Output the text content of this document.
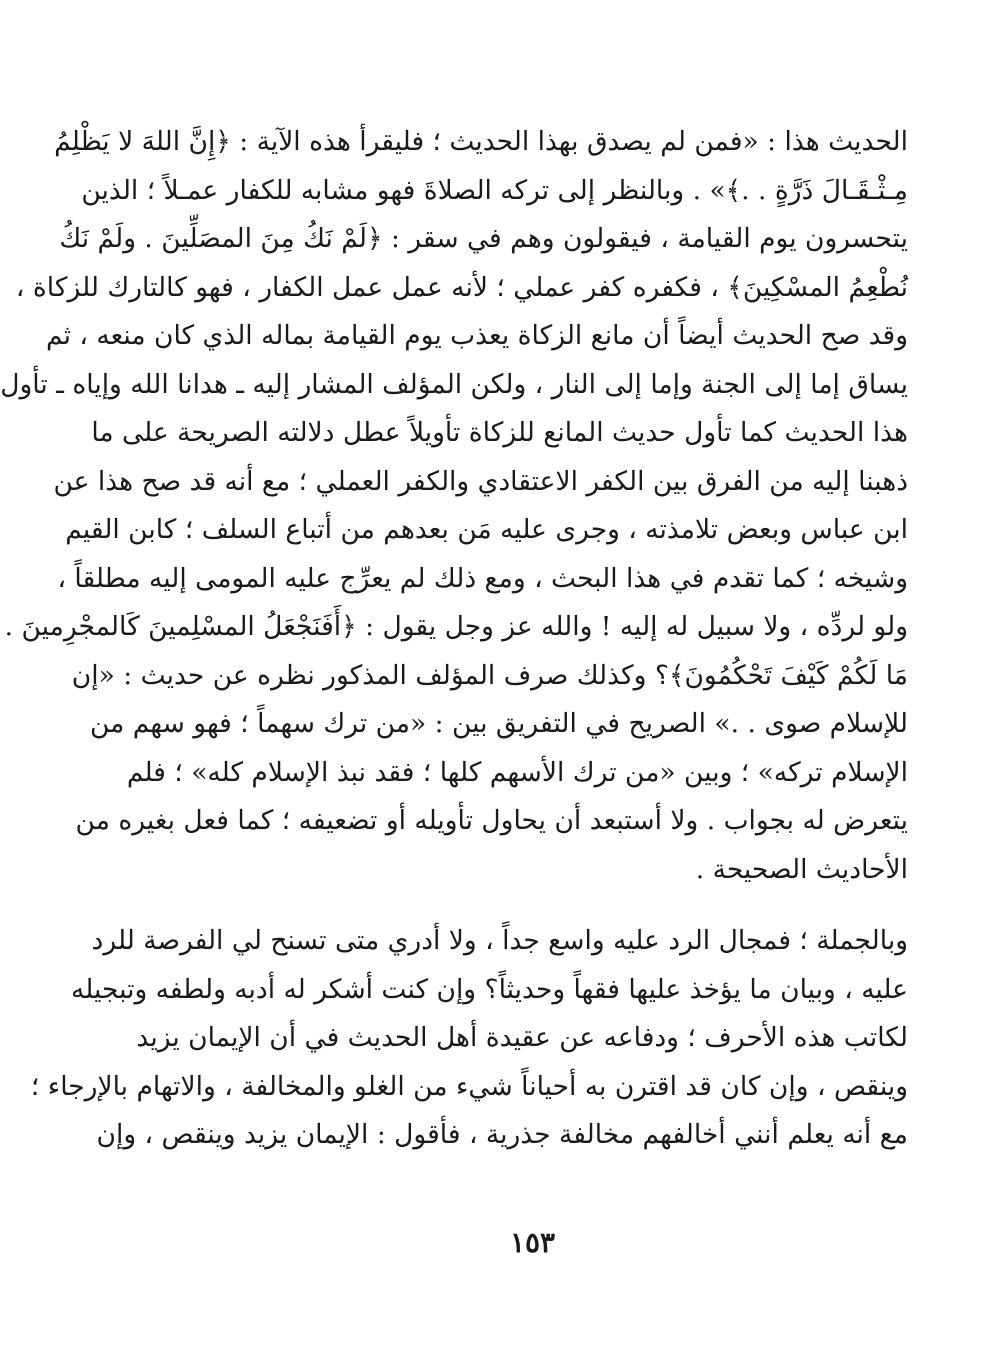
الحديث هذا : «فمن لم يصدق بهذا الحديث ؛ فليقرأ هذه الآية : ﴿إِنَّ اللهَ لا يَظْلِمُ
مِـثْـقَـالَ ذَرَّةٍ . .﴾» . وبالنظر إلى تركه الصلاةَ فهو مشابه للكفار عمـلاً ؛ الذين
يتحسرون يوم القيامة ، فيقولون وهم في سقر : ﴿لَمْ نَكُ مِنَ المصَلِّينَ . ولَمْ نَكُ
نُطْعِمُ المسْكِينَ﴾ ، فكفره كفر عملي ؛ لأنه عمل عمل الكفار ، فهو كالتارك للزكاة ،
وقد صح الحديث أيضاً أن مانع الزكاة يعذب يوم القيامة بماله الذي كان منعه ، ثم
يساق إما إلى الجنة وإما إلى النار ، ولكن المؤلف المشار إليه ـ هدانا الله وإياه ـ تأول
هذا الحديث كما تأول حديث المانع للزكاة تأويلاً عطل دلالته الصريحة على ما
ذهبنا إليه من الفرق بين الكفر الاعتقادي والكفر العملي ؛ مع أنه قد صح هذا عن
ابن عباس وبعض تلامذته ، وجرى عليه مَن بعدهم من أتباع السلف ؛ كابن القيم
وشيخه ؛ كما تقدم في هذا البحث ، ومع ذلك لم يعرِّج عليه المومى إليه مطلقاً ،
ولو لردِّه ، ولا سبيل له إليه ! والله عز وجل يقول : ﴿أَفَنَجْعَلُ المسْلِمينَ كَالمجْرِمينَ .
مَا لَكُمْ كَيْفَ تَحْكُمُونَ﴾؟ وكذلك صرف المؤلف المذكور نظره عن حديث : «إن
للإسلام صوى . .» الصريح في التفريق بين : «من ترك سهماً ؛ فهو سهم من
الإسلام تركه» ؛ وبين «من ترك الأسهم كلها ؛ فقد نبذ الإسلام كله» ؛ فلم
يتعرض له بجواب . ولا أستبعد أن يحاول تأويله أو تضعيفه ؛ كما فعل بغيره من
الأحاديث الصحيحة .
وبالجملة ؛ فمجال الرد عليه واسع جداً ، ولا أدري متى تسنح لي الفرصة للرد
عليه ، وبيان ما يؤخذ عليها فقهاً وحديثاً؟ وإن كنت أشكر له أدبه ولطفه وتبجيله
لكاتب هذه الأحرف ؛ ودفاعه عن عقيدة أهل الحديث في أن الإيمان يزيد
وينقص ، وإن كان قد اقترن به أحياناً شيء من الغلو والمخالفة ، والاتهام بالإرجاء ؛
مع أنه يعلم أنني أخالفهم مخالفة جذرية ، فأقول : الإيمان يزيد وينقص ، وإن
١٥٣
